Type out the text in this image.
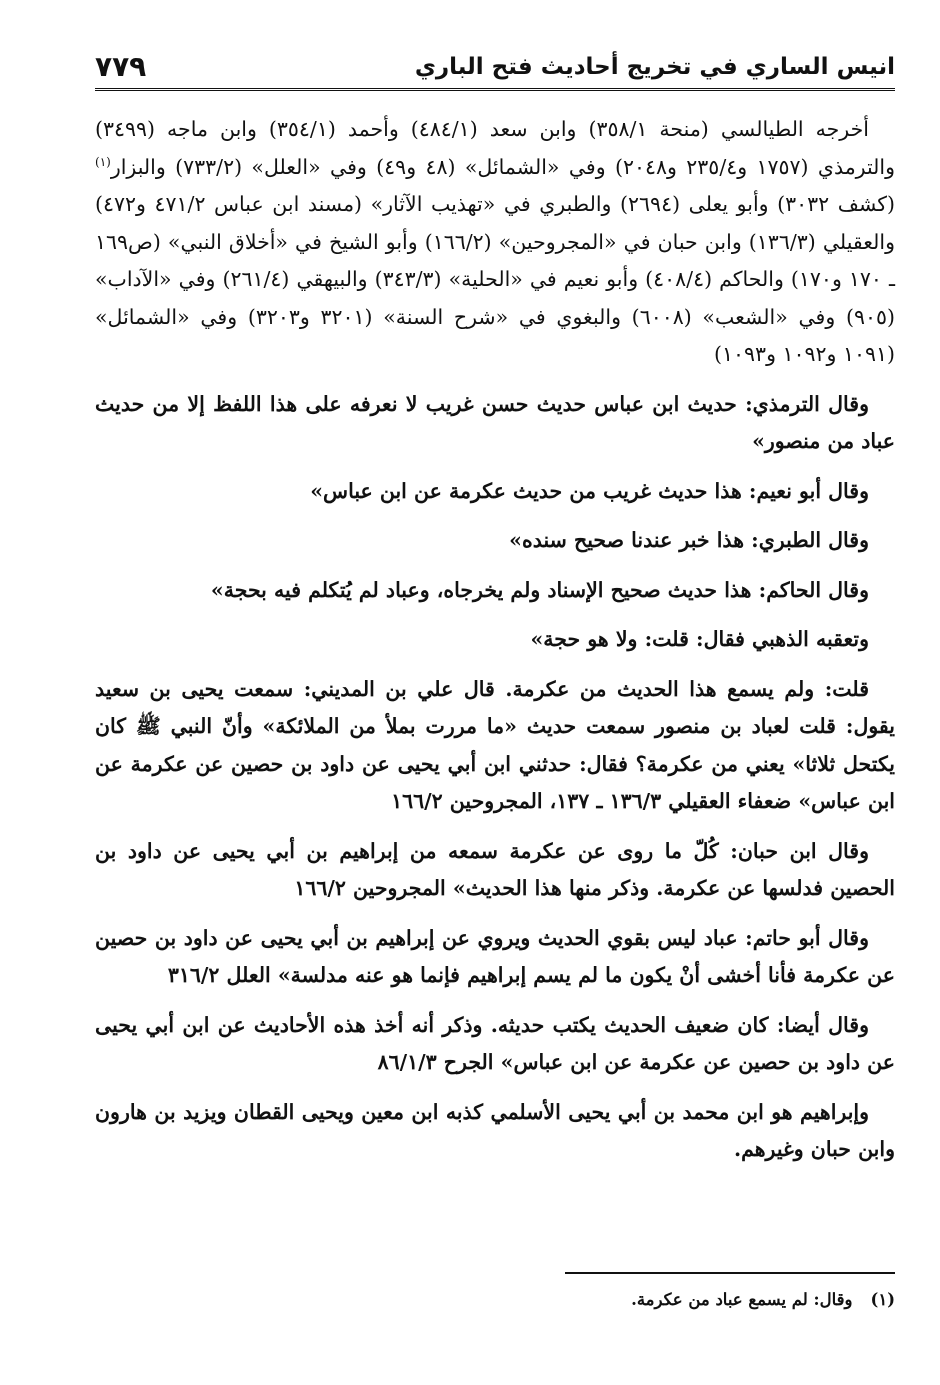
انيس الساري في تخريج أحاديث فتح الباري
٧٧٩

أخرجه الطيالسي (منحة ٣٥٨/١) وابن سعد (٤٨٤/١) وأحمد (٣٥٤/١) وابن ماجه (٣٤٩٩) والترمذي (١٧٥٧ و٢٣٥/٤ و٢٠٤٨) وفي «الشمائل» (٤٨ و٤٩) وفي «العلل» (٧٣٣/٢) والبزار$^{(١)}$ (كشف ٣٠٣٢) وأبو يعلى (٢٦٩٤) والطبري في «تهذيب الآثار» (مسند ابن عباس ٤٧١/٢ و٤٧٢) والعقيلي (١٣٦/٣) وابن حبان في «المجروحين» (١٦٦/٢) وأبو الشيخ في «أخلاق النبي» (ص١٦٩ ـ ١٧٠ و١٧٠) والحاكم (٤٠٨/٤) وأبو نعيم في «الحلية» (٣٤٣/٣) والبيهقي (٢٦١/٤) وفي «الآداب» (٩٠٥) وفي «الشعب» (٦٠٠٨) والبغوي في «شرح السنة» (٣٢٠١ و٣٢٠٣) وفي «الشمائل» (١٠٩١ و١٠٩٢ و١٠٩٣)

وقال الترمذي: حديث ابن عباس حديث حسن غريب لا نعرفه على هذا اللفظ إلا من حديث عباد من منصور»

وقال أبو نعيم: هذا حديث غريب من حديث عكرمة عن ابن عباس»

وقال الطبري: هذا خبر عندنا صحيح سنده»

وقال الحاكم: هذا حديث صحيح الإسناد ولم يخرجاه، وعباد لم يُتكلم فيه بحجة»

وتعقبه الذهبي فقال: قلت: ولا هو حجة»

قلت: ولم يسمع هذا الحديث من عكرمة. قال علي بن المديني: سمعت يحيى بن سعيد يقول: قلت لعباد بن منصور سمعت حديث «ما مررت بملأ من الملائكة» وأنّ النبي ﷺ كان يكتحل ثلاثا» يعني من عكرمة؟ فقال: حدثني ابن أبي يحيى عن داود بن حصين عن عكرمة عن ابن عباس» ضعفاء العقيلي ١٣٦/٣ ـ ١٣٧، المجروحين ١٦٦/٢

وقال ابن حبان: كُلّ ما روى عن عكرمة سمعه من إبراهيم بن أبي يحيى عن داود بن الحصين فدلسها عن عكرمة. وذكر منها هذا الحديث» المجروحين ١٦٦/٢

وقال أبو حاتم: عباد ليس بقوي الحديث ويروي عن إبراهيم بن أبي يحيى عن داود بن حصين عن عكرمة فأنا أخشى أنْ يكون ما لم يسم إبراهيم فإنما هو عنه مدلسة» العلل ٣١٦/٢

وقال أيضا: كان ضعيف الحديث يكتب حديثه. وذكر أنه أخذ هذه الأحاديث عن ابن أبي يحيى عن داود بن حصين عن عكرمة عن ابن عباس» الجرح ٨٦/١/٣

وإبراهيم هو ابن محمد بن أبي يحيى الأسلمي كذبه ابن معين ويحيى القطان ويزيد بن هارون وابن حبان وغيرهم.

(١)وقال: لم يسمع عباد من عكرمة.
